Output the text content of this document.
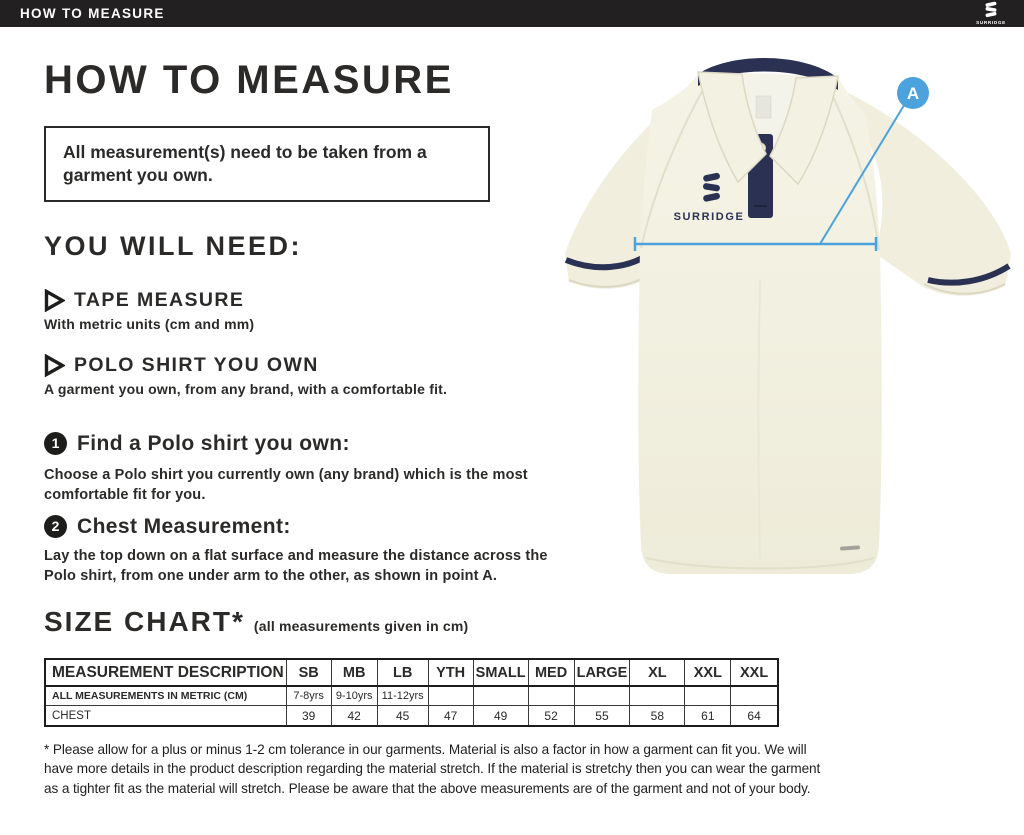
HOW TO MEASURE
SURRIDGE
HOW TO MEASURE
All measurement(s) need to be taken from a garment you own.
YOU WILL NEED:
TAPE MEASURE
With metric units (cm and mm)
POLO SHIRT YOU OWN
A garment you own, from any brand, with a comfortable fit.
1 Find a Polo shirt you own:
Choose a Polo shirt you currently own (any brand) which is the most comfortable fit for you.
2 Chest Measurement:
Lay the top down on a flat surface and measure the distance across the Polo shirt, from one under arm to the other, as shown in point A.
SIZE CHART* (all measurements given in cm)
MEASUREMENT DESCRIPTION	SB	MB	LB	YTH	SMALL	MED	LARGE	XL	XXL	XXL
ALL MEASUREMENTS IN METRIC (CM)	7-8yrs	9-10yrs	11-12yrs							
CHEST	39	42	45	47	49	52	55	58	61	64
* Please allow for a plus or minus 1-2 cm tolerance in our garments. Material is also a factor in how a garment can fit you. We will have more details in the product description regarding the material stretch. If the material is stretchy then you can wear the garment as a tighter fit as the material will stretch. Please be aware that the above measurements are of the garment and not of your body.
SURRIDGE
A
